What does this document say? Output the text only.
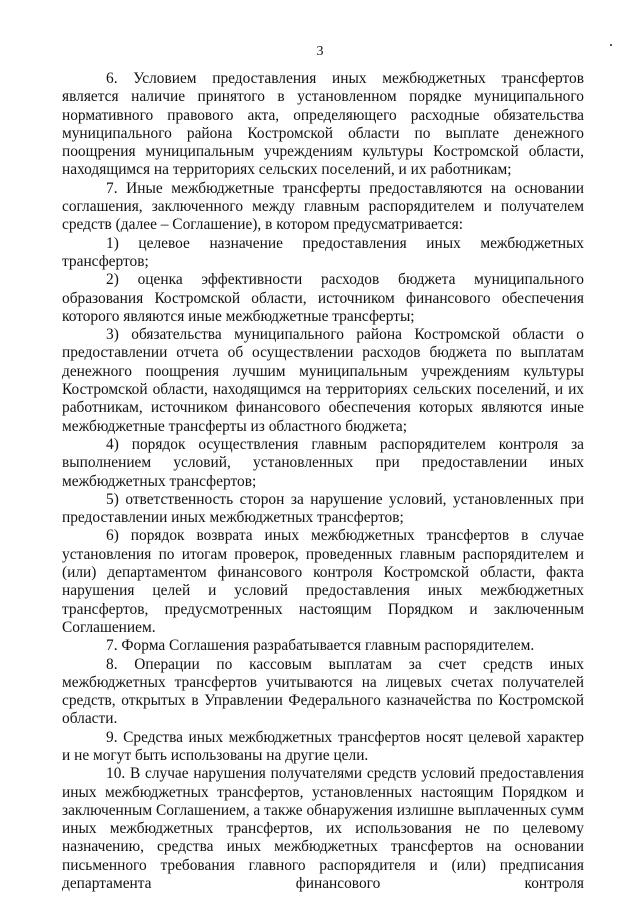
3

6. Условием предоставления иных межбюджетных трансфертов является наличие принятого в установленном порядке муниципального нормативного правового акта, определяющего расходные обязательства муниципального района Костромской области по выплате денежного поощрения муниципальным учреждениям культуры Костромской области, находящимся на территориях сельских поселений, и их работникам;

7. Иные межбюджетные трансферты предоставляются на основании соглашения, заключенного между главным распорядителем и получателем средств (далее – Соглашение), в котором предусматривается:

1) целевое назначение предоставления иных межбюджетных трансфертов;

2) оценка эффективности расходов бюджета муниципального образования Костромской области, источником финансового обеспечения которого являются иные межбюджетные трансферты;

3) обязательства муниципального района Костромской области о предоставлении отчета об осуществлении расходов бюджета по выплатам денежного поощрения лучшим муниципальным учреждениям культуры Костромской области, находящимся на территориях сельских поселений, и их работникам, источником финансового обеспечения которых являются иные межбюджетные трансферты из областного бюджета;

4) порядок осуществления главным распорядителем контроля за выполнением условий, установленных при предоставлении иных межбюджетных трансфертов;

5) ответственность сторон за нарушение условий, установленных при предоставлении иных межбюджетных трансфертов;

6) порядок возврата иных межбюджетных трансфертов в случае установления по итогам проверок, проведенных главным распорядителем и (или) департаментом финансового контроля Костромской области, факта нарушения целей и условий предоставления иных межбюджетных трансфертов, предусмотренных настоящим Порядком и заключенным Соглашением.

7. Форма Соглашения разрабатывается главным распорядителем.

8. Операции по кассовым выплатам за счет средств иных межбюджетных трансфертов учитываются на лицевых счетах получателей средств, открытых в Управлении Федерального казначейства по Костромской области.

9. Средства иных межбюджетных трансфертов носят целевой характер и не могут быть использованы на другие цели.

10. В случае нарушения получателями средств условий предоставления иных межбюджетных трансфертов, установленных настоящим Порядком и заключенным Соглашением, а также обнаружения излишне выплаченных сумм иных межбюджетных трансфертов, их использования не по целевому назначению, средства иных межбюджетных трансфертов на основании письменного требования главного распорядителя и (или) предписания департамента финансового контроля
